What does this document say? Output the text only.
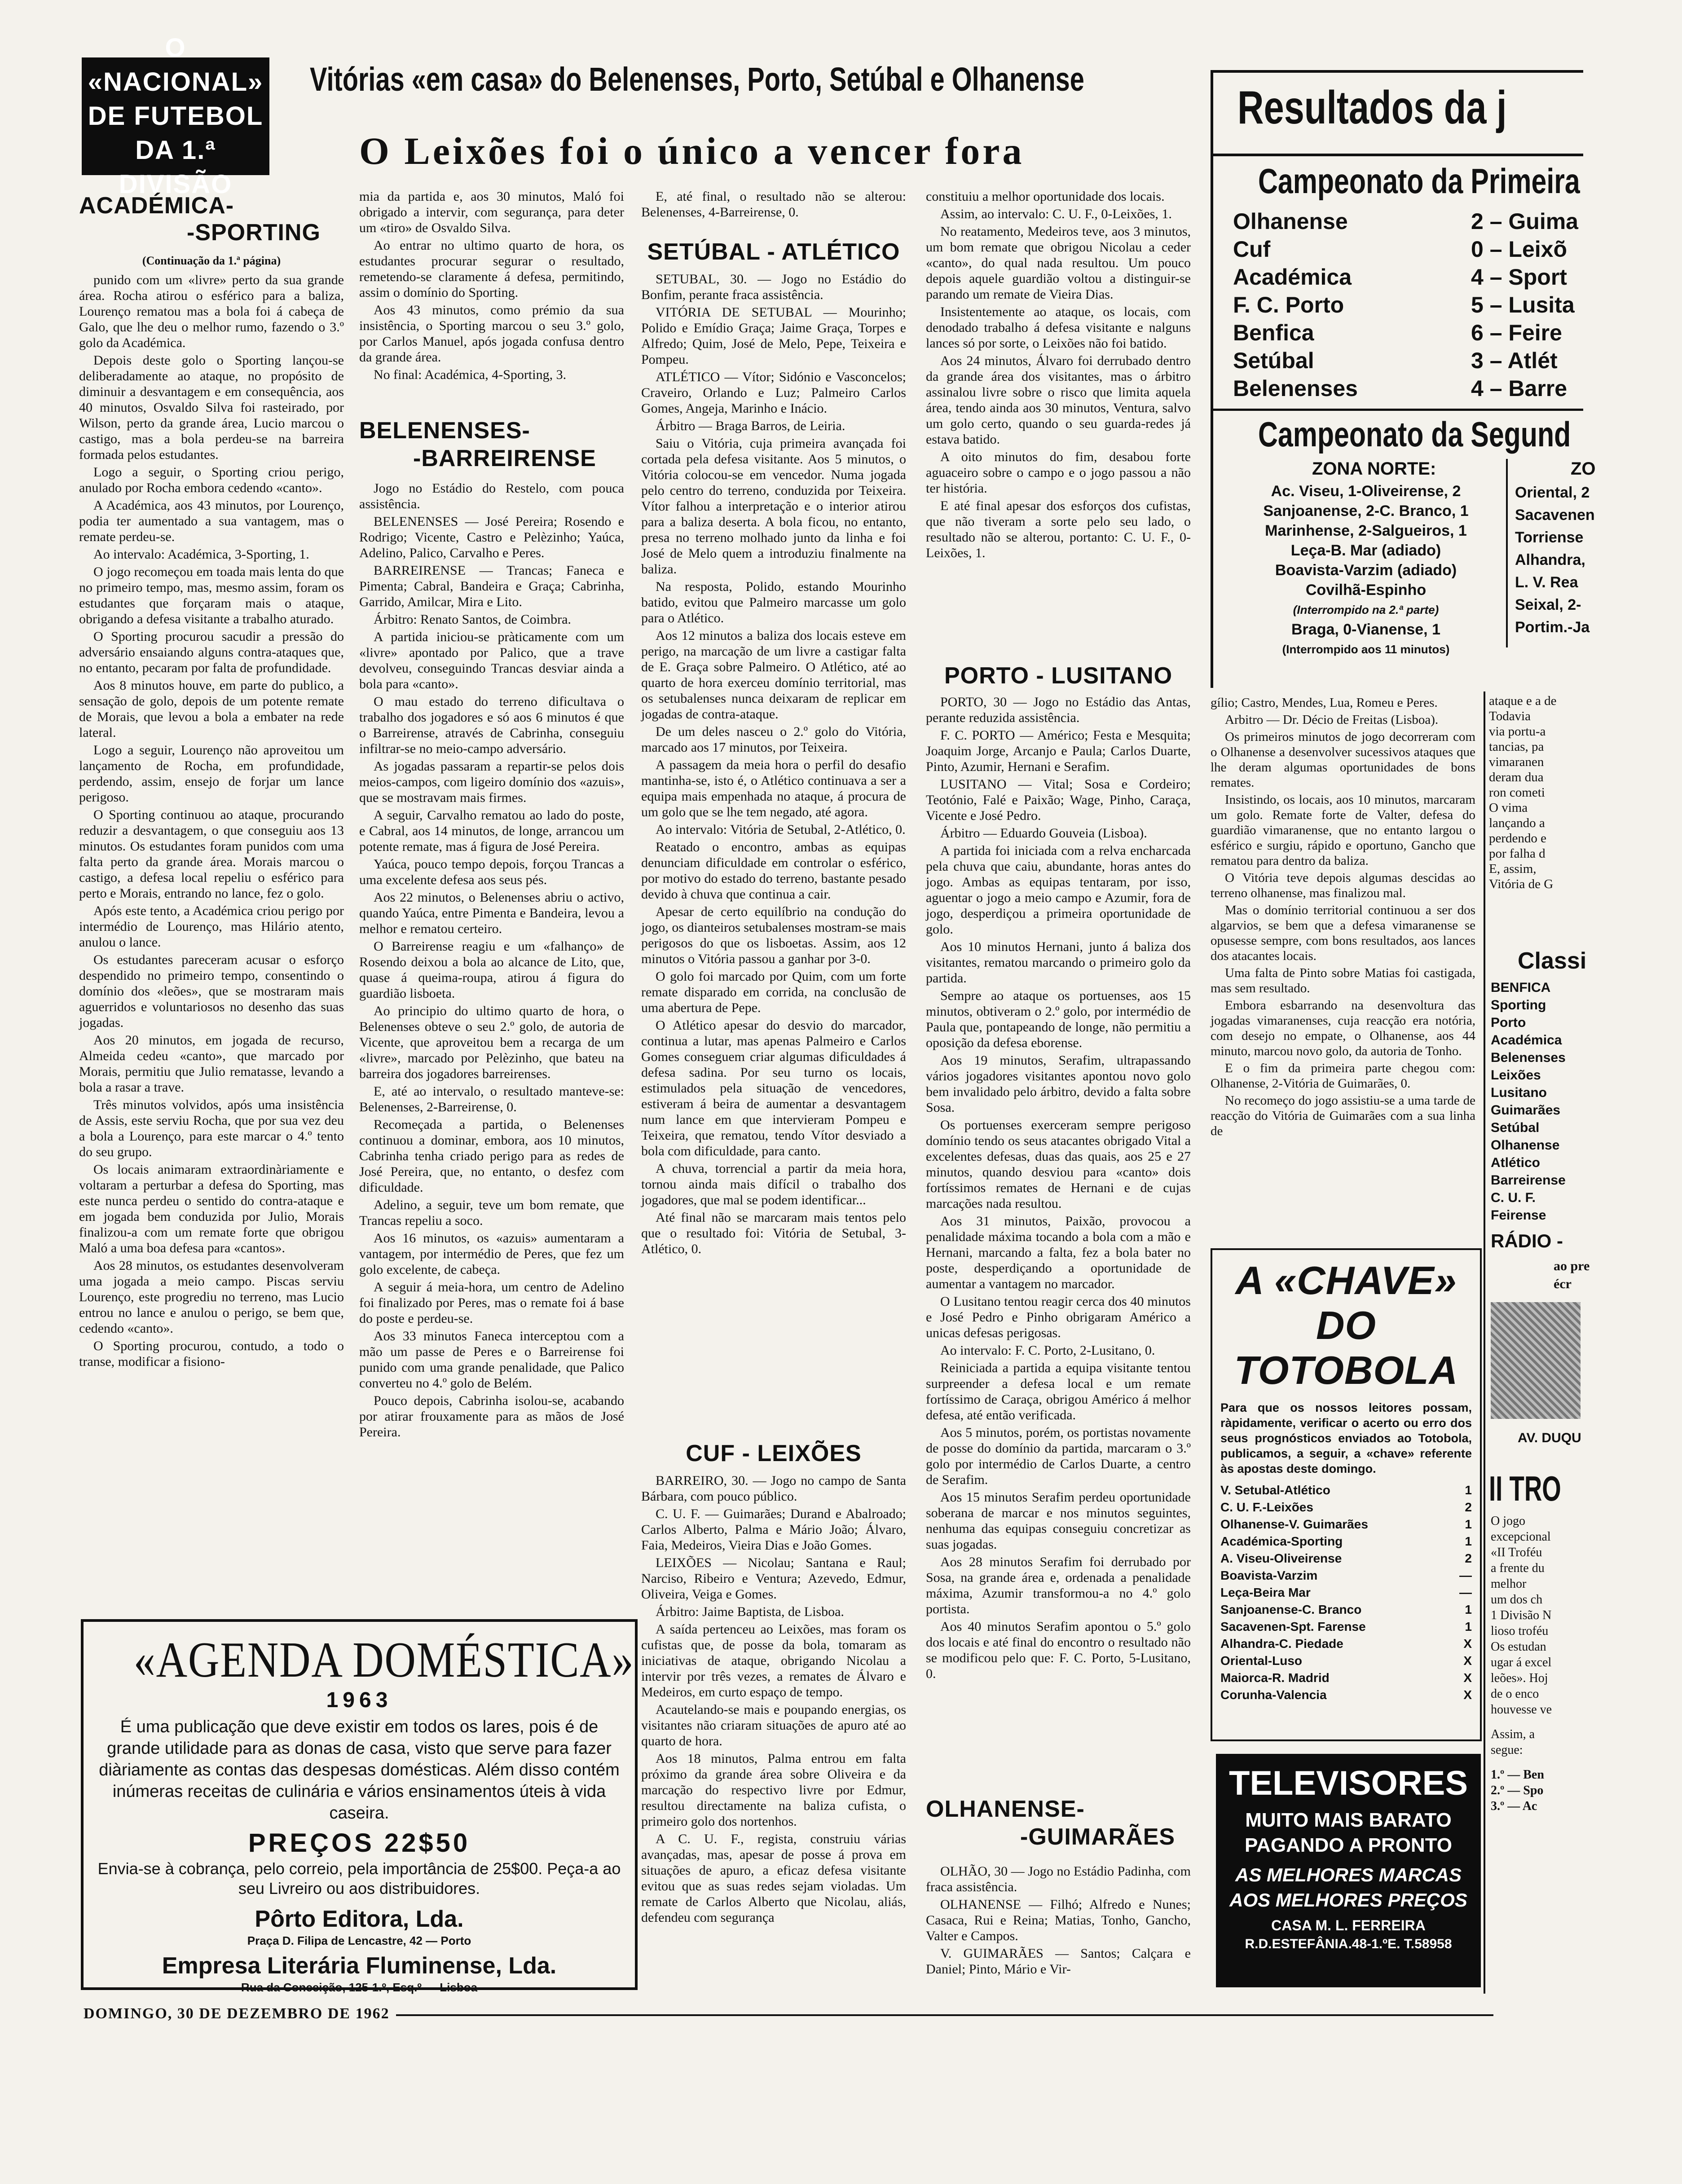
O «NACIONAL»
DE FUTEBOL
DA 1.ª DIVISÃO
Vitórias «em casa» do Belenenses, Porto, Setúbal e Olhanense
O Leixões foi o único a vencer fora
ACADÉMICA-
-SPORTING
(Continuação da 1.ª página)

punido com um «livre» perto da sua grande área. Rocha atirou o esférico para a baliza, Lourenço rematou mas a bola foi á cabeça de Galo, que lhe deu o melhor rumo, fazendo o 3.º golo da Académica.

Depois deste golo o Sporting lançou-se deliberadamente ao ataque, no propósito de diminuir a desvantagem e em consequência, aos 40 minutos, Osvaldo Silva foi rasteirado, por Wilson, perto da grande área, Lucio marcou o castigo, mas a bola perdeu-se na barreira formada pelos estudantes.

Logo a seguir, o Sporting criou perigo, anulado por Rocha embora cedendo «canto».

A Académica, aos 43 minutos, por Lourenço, podia ter aumentado a sua vantagem, mas o remate perdeu-se.

Ao intervalo: Académica, 3-Sporting, 1.

O jogo recomeçou em toada mais lenta do que no primeiro tempo, mas, mesmo assim, foram os estudantes que forçaram mais o ataque, obrigando a defesa visitante a trabalho aturado.

O Sporting procurou sacudir a pressão do adversário ensaiando alguns contra-ataques que, no entanto, pecaram por falta de profundidade.

Aos 8 minutos houve, em parte do publico, a sensação de golo, depois de um potente remate de Morais, que levou a bola a embater na rede lateral.

Logo a seguir, Lourenço não aproveitou um lançamento de Rocha, em profundidade, perdendo, assim, ensejo de forjar um lance perigoso.

O Sporting continuou ao ataque, procurando reduzir a desvantagem, o que conseguiu aos 13 minutos. Os estudantes foram punidos com uma falta perto da grande área. Morais marcou o castigo, a defesa local repeliu o esférico para perto e Morais, entrando no lance, fez o golo.

Após este tento, a Académica criou perigo por intermédio de Lourenço, mas Hilário atento, anulou o lance.

Os estudantes pareceram acusar o esforço despendido no primeiro tempo, consentindo o domínio dos «leões», que se mostraram mais aguerridos e voluntariosos no desenho das suas jogadas.

Aos 20 minutos, em jogada de recurso, Almeida cedeu «canto», que marcado por Morais, permitiu que Julio rematasse, levando a bola a rasar a trave.

Três minutos volvidos, após uma insistência de Assis, este serviu Rocha, que por sua vez deu a bola a Lourenço, para este marcar o 4.º tento do seu grupo.

Os locais animaram extraordinàriamente e voltaram a perturbar a defesa do Sporting, mas este nunca perdeu o sentido do contra-ataque e em jogada bem conduzida por Julio, Morais finalizou-a com um remate forte que obrigou Maló a uma boa defesa para «cantos».

Aos 28 minutos, os estudantes desenvolveram uma jogada a meio campo. Piscas serviu Lourenço, este progrediu no terreno, mas Lucio entrou no lance e anulou o perigo, se bem que, cedendo «canto».

O Sporting procurou, contudo, a todo o transe, modificar a fisiono-

mia da partida e, aos 30 minutos, Maló foi obrigado a intervir, com segurança, para deter um «tiro» de Osvaldo Silva.

Ao entrar no ultimo quarto de hora, os estudantes procurar segurar o resultado, remetendo-se claramente á defesa, permitindo, assim o domínio do Sporting.

Aos 43 minutos, como prémio da sua insistência, o Sporting marcou o seu 3.º golo, por Carlos Manuel, após jogada confusa dentro da grande área.

No final: Académica, 4-Sporting, 3.

BELENENSES-
-BARREIRENSE

Jogo no Estádio do Restelo, com pouca assistência.

BELENENSES — José Pereira; Rosendo e Rodrigo; Vicente, Castro e Pelèzinho; Yaúca, Adelino, Palico, Carvalho e Peres.

BARREIRENSE — Trancas; Faneca e Pimenta; Cabral, Bandeira e Graça; Cabrinha, Garrido, Amilcar, Mira e Lito.

Árbitro: Renato Santos, de Coimbra.

A partida iniciou-se pràticamente com um «livre» apontado por Palico, que a trave devolveu, conseguindo Trancas desviar ainda a bola para «canto».

O mau estado do terreno dificultava o trabalho dos jogadores e só aos 6 minutos é que o Barreirense, através de Cabrinha, conseguiu infiltrar-se no meio-campo adversário.

As jogadas passaram a repartir-se pelos dois meios-campos, com ligeiro domínio dos «azuis», que se mostravam mais firmes.

A seguir, Carvalho rematou ao lado do poste, e Cabral, aos 14 minutos, de longe, arrancou um potente remate, mas á figura de José Pereira.

Yaúca, pouco tempo depois, forçou Trancas a uma excelente defesa aos seus pés.

Aos 22 minutos, o Belenenses abriu o activo, quando Yaúca, entre Pimenta e Bandeira, levou a melhor e rematou certeiro.

O Barreirense reagiu e um «falhanço» de Rosendo deixou a bola ao alcance de Lito, que, quase á queima-roupa, atirou á figura do guardião lisboeta.

Ao principio do ultimo quarto de hora, o Belenenses obteve o seu 2.º golo, de autoria de Vicente, que aproveitou bem a recarga de um «livre», marcado por Pelèzinho, que bateu na barreira dos jogadores barreirenses.

E, até ao intervalo, o resultado manteve-se: Belenenses, 2-Barreirense, 0.

Recomeçada a partida, o Belenenses continuou a dominar, embora, aos 10 minutos, Cabrinha tenha criado perigo para as redes de José Pereira, que, no entanto, o desfez com dificuldade.

Adelino, a seguir, teve um bom remate, que Trancas repeliu a soco.

Aos 16 minutos, os «azuis» aumentaram a vantagem, por intermédio de Peres, que fez um golo excelente, de cabeça.

A seguir á meia-hora, um centro de Adelino foi finalizado por Peres, mas o remate foi á base do poste e perdeu-se.

Aos 33 minutos Faneca interceptou com a mão um passe de Peres e o Barreirense foi punido com uma grande penalidade, que Palico converteu no 4.º golo de Belém.

Pouco depois, Cabrinha isolou-se, acabando por atirar frouxamente para as mãos de José Pereira.

E, até final, o resultado não se alterou: Belenenses, 4-Barreirense, 0.

SETÚBAL - ATLÉTICO

SETUBAL, 30. — Jogo no Estádio do Bonfim, perante fraca assistência.

VITÓRIA DE SETUBAL — Mourinho; Polido e Emídio Graça; Jaime Graça, Torpes e Alfredo; Quim, José de Melo, Pepe, Teixeira e Pompeu.

ATLÉTICO — Vítor; Sidónio e Vasconcelos; Craveiro, Orlando e Luz; Palmeiro Carlos Gomes, Angeja, Marinho e Inácio.

Árbitro — Braga Barros, de Leiria.

Saiu o Vitória, cuja primeira avançada foi cortada pela defesa visitante. Aos 5 minutos, o Vitória colocou-se em vencedor. Numa jogada pelo centro do terreno, conduzida por Teixeira. Vítor falhou a interpretação e o interior atirou para a baliza deserta. A bola ficou, no entanto, presa no terreno molhado junto da linha e foi José de Melo quem a introduziu finalmente na baliza.

Na resposta, Polido, estando Mourinho batido, evitou que Palmeiro marcasse um golo para o Atlético.

Aos 12 minutos a baliza dos locais esteve em perigo, na marcação de um livre a castigar falta de E. Graça sobre Palmeiro. O Atlético, até ao quarto de hora exerceu domínio territorial, mas os setubalenses nunca deixaram de replicar em jogadas de contra-ataque.

De um deles nasceu o 2.º golo do Vitória, marcado aos 17 minutos, por Teixeira.

A passagem da meia hora o perfil do desafio mantinha-se, isto é, o Atlético continuava a ser a equipa mais empenhada no ataque, á procura de um golo que se lhe tem negado, até agora.

Ao intervalo: Vitória de Setubal, 2-Atlético, 0.

Reatado o encontro, ambas as equipas denunciam dificuldade em controlar o esférico, por motivo do estado do terreno, bastante pesado devido à chuva que continua a cair.

Apesar de certo equilíbrio na condução do jogo, os dianteiros setubalenses mostram-se mais perigosos do que os lisboetas. Assim, aos 12 minutos o Vitória passou a ganhar por 3-0.

O golo foi marcado por Quim, com um forte remate disparado em corrida, na conclusão de uma abertura de Pepe.

O Atlético apesar do desvio do marcador, continua a lutar, mas apenas Palmeiro e Carlos Gomes conseguem criar algumas dificuldades á defesa sadina. Por seu turno os locais, estimulados pela situação de vencedores, estiveram á beira de aumentar a desvantagem num lance em que intervieram Pompeu e Teixeira, que rematou, tendo Vítor desviado a bola com dificuldade, para canto.

A chuva, torrencial a partir da meia hora, tornou ainda mais difícil o trabalho dos jogadores, que mal se podem identificar...

Até final não se marcaram mais tentos pelo que o resultado foi: Vitória de Setubal, 3-Atlético, 0.

CUF - LEIXÕES

BARREIRO, 30. — Jogo no campo de Santa Bárbara, com pouco público.

C. U. F. — Guimarães; Durand e Abalroado; Carlos Alberto, Palma e Mário João; Álvaro, Faia, Medeiros, Vieira Dias e João Gomes.

LEIXÕES — Nicolau; Santana e Raul; Narciso, Ribeiro e Ventura; Azevedo, Edmur, Oliveira, Veiga e Gomes.

Árbitro: Jaime Baptista, de Lisboa.

A saída pertenceu ao Leixões, mas foram os cufistas que, de posse da bola, tomaram as iniciativas de ataque, obrigando Nicolau a intervir por três vezes, a remates de Álvaro e Medeiros, em curto espaço de tempo.

Acautelando-se mais e poupando energias, os visitantes não criaram situações de apuro até ao quarto de hora.

Aos 18 minutos, Palma entrou em falta próximo da grande área sobre Oliveira e da marcação do respectivo livre por Edmur, resultou directamente na baliza cufista, o primeiro golo dos nortenhos.

A C. U. F., regista, construiu várias avançadas, mas, apesar de posse á prova em situações de apuro, a eficaz defesa visitante evitou que as suas redes sejam violadas. Um remate de Carlos Alberto que Nicolau, aliás, defendeu com segurança

constituiu a melhor oportunidade dos locais.

Assim, ao intervalo: C. U. F., 0-Leixões, 1.

No reatamento, Medeiros teve, aos 3 minutos, um bom remate que obrigou Nicolau a ceder «canto», do qual nada resultou. Um pouco depois aquele guardião voltou a distinguir-se parando um remate de Vieira Dias.

Insistentemente ao ataque, os locais, com denodado trabalho á defesa visitante e nalguns lances só por sorte, o Leixões não foi batido.

Aos 24 minutos, Álvaro foi derrubado dentro da grande área dos visitantes, mas o árbitro assinalou livre sobre o risco que limita aquela área, tendo ainda aos 30 minutos, Ventura, salvo um golo certo, quando o seu guarda-redes já estava batido.

A oito minutos do fim, desabou forte aguaceiro sobre o campo e o jogo passou a não ter história.

E até final apesar dos esforços dos cufistas, que não tiveram a sorte pelo seu lado, o resultado não se alterou, portanto: C. U. F., 0-Leixões, 1.

PORTO - LUSITANO

PORTO, 30 — Jogo no Estádio das Antas, perante reduzida assistência.

F. C. PORTO — Américo; Festa e Mesquita; Joaquim Jorge, Arcanjo e Paula; Carlos Duarte, Pinto, Azumir, Hernani e Serafim.

LUSITANO — Vital; Sosa e Cordeiro; Teotónio, Falé e Paixão; Wage, Pinho, Caraça, Vicente e José Pedro.

Árbitro — Eduardo Gouveia (Lisboa).

A partida foi iniciada com a relva encharcada pela chuva que caiu, abundante, horas antes do jogo. Ambas as equipas tentaram, por isso, aguentar o jogo a meio campo e Azumir, fora de jogo, desperdiçou a primeira oportunidade de golo.

Aos 10 minutos Hernani, junto á baliza dos visitantes, rematou marcando o primeiro golo da partida.

Sempre ao ataque os portuenses, aos 15 minutos, obtiveram o 2.º golo, por intermédio de Paula que, pontapeando de longe, não permitiu a oposição da defesa eborense.

Aos 19 minutos, Serafim, ultrapassando vários jogadores visitantes apontou novo golo bem invalidado pelo árbitro, devido a falta sobre Sosa.

Os portuenses exerceram sempre perigoso domínio tendo os seus atacantes obrigado Vital a excelentes defesas, duas das quais, aos 25 e 27 minutos, quando desviou para «canto» dois fortíssimos remates de Hernani e de cujas marcações nada resultou.

Aos 31 minutos, Paixão, provocou a penalidade máxima tocando a bola com a mão e Hernani, marcando a falta, fez a bola bater no poste, desperdiçando a oportunidade de aumentar a vantagem no marcador.

O Lusitano tentou reagir cerca dos 40 minutos e José Pedro e Pinho obrigaram Américo a unicas defesas perigosas.

Ao intervalo: F. C. Porto, 2-Lusitano, 0.

Reiniciada a partida a equipa visitante tentou surpreender a defesa local e um remate fortíssimo de Caraça, obrigou Américo á melhor defesa, até então verificada.

Aos 5 minutos, porém, os portistas novamente de posse do domínio da partida, marcaram o 3.º golo por intermédio de Carlos Duarte, a centro de Serafim.

Aos 15 minutos Serafim perdeu oportunidade soberana de marcar e nos minutos seguintes, nenhuma das equipas conseguiu concretizar as suas jogadas.

Aos 28 minutos Serafim foi derrubado por Sosa, na grande área e, ordenada a penalidade máxima, Azumir transformou-a no 4.º golo portista.

Aos 40 minutos Serafim apontou o 5.º golo dos locais e até final do encontro o resultado não se modificou pelo que: F. C. Porto, 5-Lusitano, 0.

OLHANENSE-
-GUIMARÃES

OLHÃO, 30 — Jogo no Estádio Padinha, com fraca assistência.

OLHANENSE — Filhó; Alfredo e Nunes; Casaca, Rui e Reina; Matias, Tonho, Gancho, Valter e Campos.

V. GUIMARÃES — Santos; Calçara e Daniel; Pinto, Mário e Vir-

Resultados da j
Campeonato da Primeira
Olhanense	2 – Guima
Cuf	0 – Leixõ
Académica	4 – Sport
F. C. Porto	5 – Lusita
Benfica	6 – Feire
Setúbal	3 – Atlét
Belenenses	4 – Barre
Campeonato da Segund
ZONA NORTE:	ZO
Ac. Viseu, 1-Oliveirense, 2
Sanjoanense, 2-C. Branco, 1
Marinhense, 2-Salgueiros, 1
Leça-B. Mar (adiado)
Boavista-Varzim (adiado)
Covilhã-Espinho
(Interrompido na 2.ª parte)
Braga, 0-Vianense, 1
(Interrompido aos 11 minutos)
Oriental, 2
Sacavenen
Torriense
Alhandra,
L. V. Rea
Seixal, 2-
Portim.-Ja

gílio; Castro, Mendes, Lua, Romeu e Peres.

Arbitro — Dr. Décio de Freitas (Lisboa).

Os primeiros minutos de jogo decorreram com o Olhanense a desenvolver sucessivos ataques que lhe deram algumas oportunidades de bons remates.

Insistindo, os locais, aos 10 minutos, marcaram um golo. Remate forte de Valter, defesa do guardião vimaranense, que no entanto largou o esférico e surgiu, rápido e oportuno, Gancho que rematou para dentro da baliza.

O Vitória teve depois algumas descidas ao terreno olhanense, mas finalizou mal.

Mas o domínio territorial continuou a ser dos algarvios, se bem que a defesa vimaranense se opusesse sempre, com bons resultados, aos lances dos atacantes locais.

Uma falta de Pinto sobre Matias foi castigada, mas sem resultado.

Embora esbarrando na desenvoltura das jogadas vimaranenses, cuja reacção era notória, com desejo no empate, o Olhanense, aos 44 minuto, marcou novo golo, da autoria de Tonho.

E o fim da primeira parte chegou com: Olhanense, 2-Vitória de Guimarães, 0.

No recomeço do jogo assistiu-se a uma tarde de reacção do Vitória de Guimarães com a sua linha de

A «CHAVE»
DO TOTOBOLA
Para que os nossos leitores possam, ràpidamente, verificar o acerto ou erro dos seus prognósticos enviados ao Totobola, publicamos, a seguir, a «chave» referente às apostas deste domingo.
V. Setubal-Atlético	1
C. U. F.-Leixões	2
Olhanense-V. Guimarães	1
Académica-Sporting	1
A. Viseu-Oliveirense	2
Boavista-Varzim	—
Leça-Beira Mar	—
Sanjoanense-C. Branco	1
Sacavenen-Spt. Farense	1
Alhandra-C. Piedade	X
Oriental-Luso	X
Maiorca-R. Madrid	X
Corunha-Valencia	X
TELEVISORES
MUITO MAIS BARATO
PAGANDO A PRONTO
AS MELHORES MARCAS
AOS MELHORES PREÇOS
CASA M. L. FERREIRA
R.D.ESTEFÂNIA.48-1.ºE. T.58958
ataque e a de
Todavia
via portu-a
tancias, pa
vimaranen
deram dua
ron cometi
O vima
lançando a
perdendo e
por falha d
E, assim,
Vitória de G
Classi
BENFICA
Sporting
Porto
Académica
Belenenses
Leixões
Lusitano
Guimarães
Setúbal
Olhanense
Atlético
Barreirense
C. U. F.
Feirense
RÁDIO -
ao pre
écr
AV. DUQU
II TRO
O jogo
excepcional
«II Troféu
a frente du
melhor
um dos ch
1 Divisão N
lioso troféu
Os estudan
ugar á excel
leões». Hoj
de o enco
houvesse ve
Assim, a
segue:
1.º — Ben
2.º — Spo
3.º — Ac
«AGENDA DOMÉSTICA»
1963
É uma publicação que deve existir em todos os lares, pois é de grande utilidade para as donas de casa, visto que serve para fazer diàriamente as contas das despesas domésticas. Além disso contém inúmeras receitas de culinária e vários ensinamentos úteis à vida caseira.
PREÇOS 22$50
Envia-se à cobrança, pelo correio, pela importância de 25$00. Peça-a ao seu Livreiro ou aos distribuidores.
Pôrto Editora, Lda.
Praça D. Filipa de Lencastre, 42 — Porto
Empresa Literária Fluminense, Lda.
Rua da Conceição, 125-1.º, Esq.º — Lisboa
DOMINGO, 30 DE DEZEMBRO DE 1962
